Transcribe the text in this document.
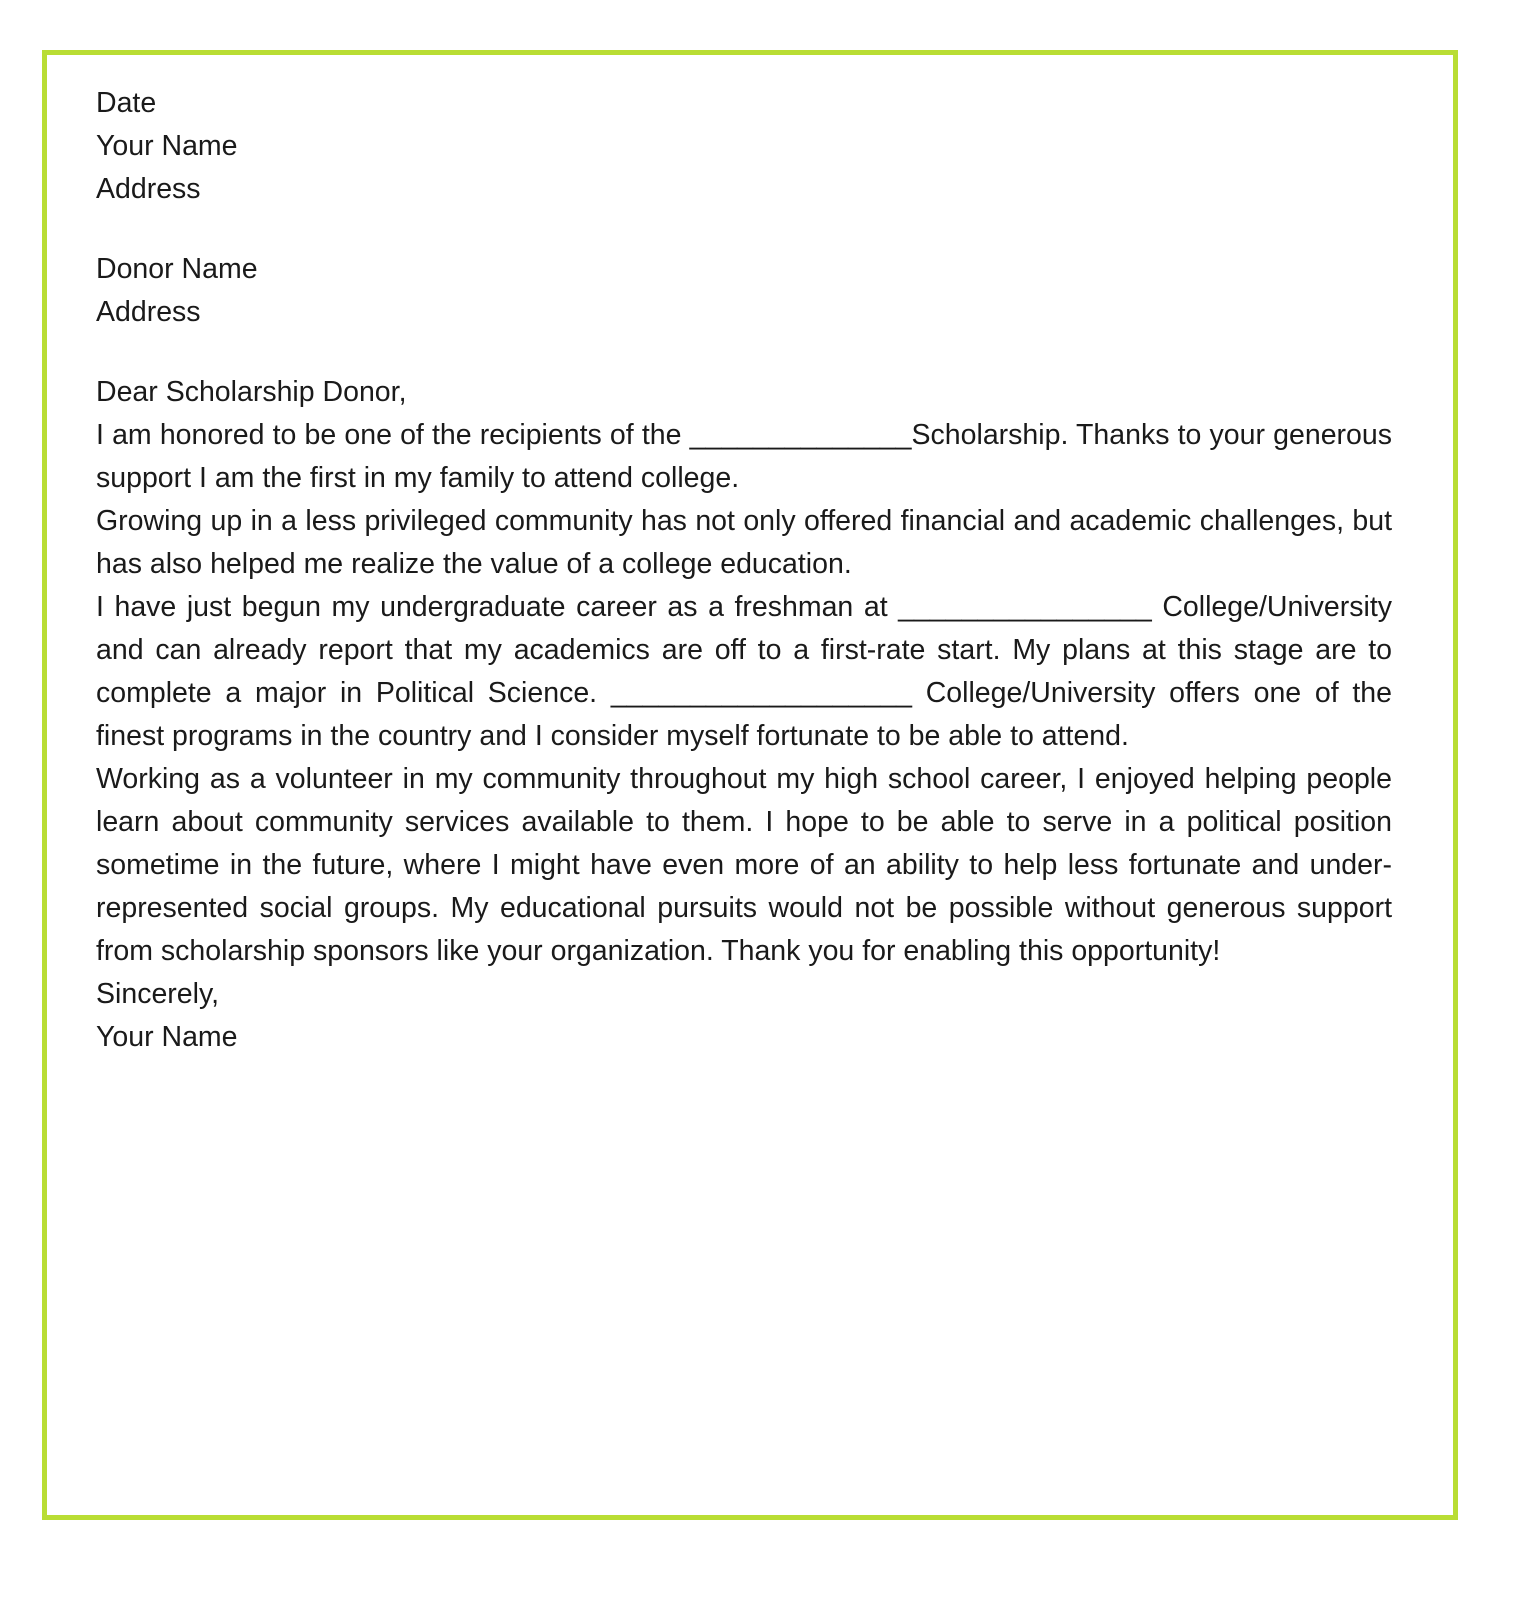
Date

Your Name
Address
Donor Name
Address

Dear Scholarship Donor,

I am honored to be one of the recipients of the ______________Scholarship. Thanks to your generous support I am the first in my family to attend college.

Growing up in a less privileged community has not only offered financial and academic challenges, but has also helped me realize the value of a college education.

I have just begun my undergraduate career as a freshman at ________________ College/University and can already report that my academics are off to a first-rate start. My plans at this stage are to complete a major in Political Science. ___________________ College/University offers one of the finest programs in the country and I consider myself fortunate to be able to attend.

Working as a volunteer in my community throughout my high school career, I enjoyed helping people learn about community services available to them. I hope to be able to serve in a political position sometime in the future, where I might have even more of an ability to help less fortunate and under-represented social groups. My educational pursuits would not be possible without generous support from scholarship sponsors like your organization. Thank you for enabling this opportunity!

Sincerely,

Your Name
